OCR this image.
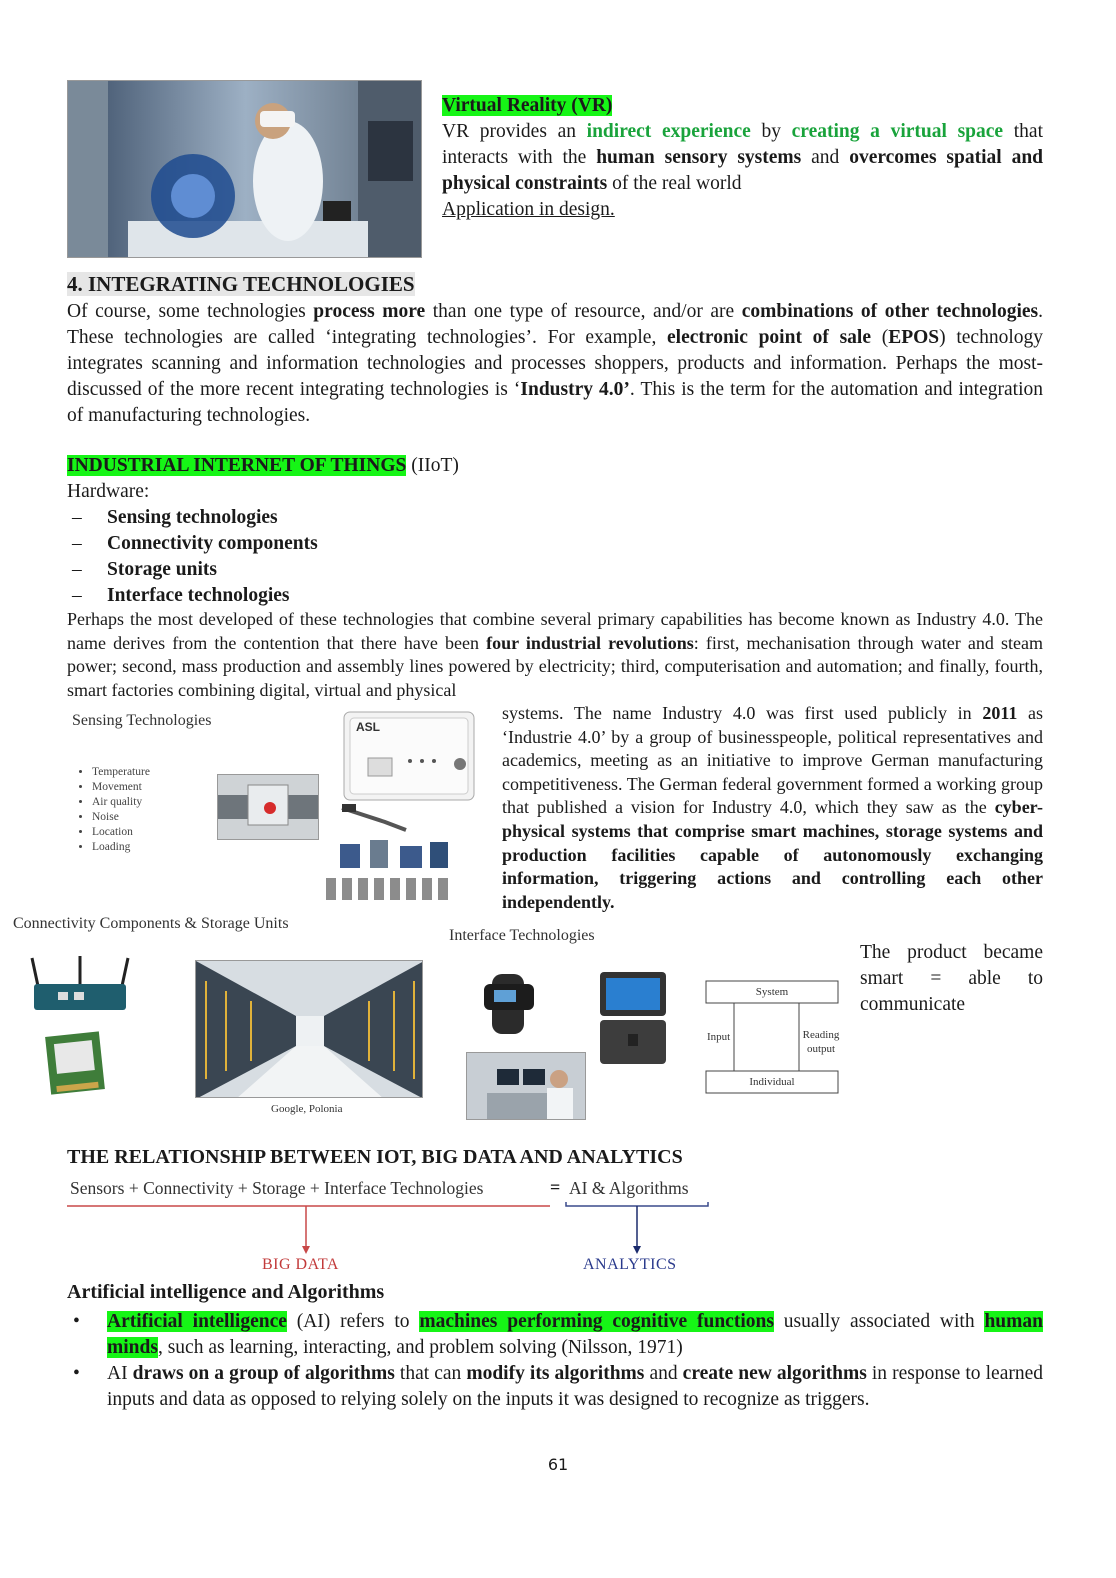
Virtual Reality (VR)
VR provides an indirect experience by creating a virtual space that interacts with the human sensory systems and overcomes spatial and physical constraints of the real world
Application in design.
4. INTEGRATING TECHNOLOGIES
Of course, some technologies process more than one type of resource, and/or are combinations of other technologies. These technologies are called ‘integrating technologies’. For example, electronic point of sale (EPOS) technology integrates scanning and information technologies and processes shoppers, products and information. Perhaps the most-discussed of the more recent integrating technologies is ‘Industry 4.0’. This is the term for the automation and integration of manufacturing technologies.
INDUSTRIAL INTERNET OF THINGS (IIoT)
Hardware:
– Sensing technologies
– Connectivity components
– Storage units
– Interface technologies
Perhaps the most developed of these technologies that combine several primary capabilities has become known as Industry 4.0. The name derives from the contention that there have been four industrial revolutions: first, mechanisation through water and steam power; second, mass production and assembly lines powered by electricity; third, computerisation and automation; and finally, fourth, smart factories combining digital, virtual and physical
systems. The name Industry 4.0 was first used publicly in 2011 as ‘Industrie 4.0’ by a group of businesspeople, political representatives and academics, meeting as an initiative to improve German manufacturing competitiveness. The German federal government formed a working group that published a vision for Industry 4.0, which they saw as the cyber-physical systems that comprise smart machines, storage systems and production facilities capable of autonomously exchanging information, triggering actions and controlling each other independently.
Sensing Technologies
• Temperature
• Movement
• Air quality
• Noise
• Location
• Loading
ASL
Connectivity Components & Storage Units
Google, Polonia
Interface Technologies
System
Input	Reading output
Individual
The product became smart = able to communicate
THE RELATIONSHIP BETWEEN IOT, BIG DATA AND ANALYTICS
Sensors + Connectivity + Storage + Interface Technologies	= AI & Algorithms
BIG DATA	ANALYTICS
Artificial intelligence and Algorithms
• Artificial intelligence (AI) refers to machines performing cognitive functions usually associated with human minds, such as learning, interacting, and problem solving (Nilsson, 1971)
• AI draws on a group of algorithms that can modify its algorithms and create new algorithms in response to learned inputs and data as opposed to relying solely on the inputs it was designed to recognize as triggers.
61
